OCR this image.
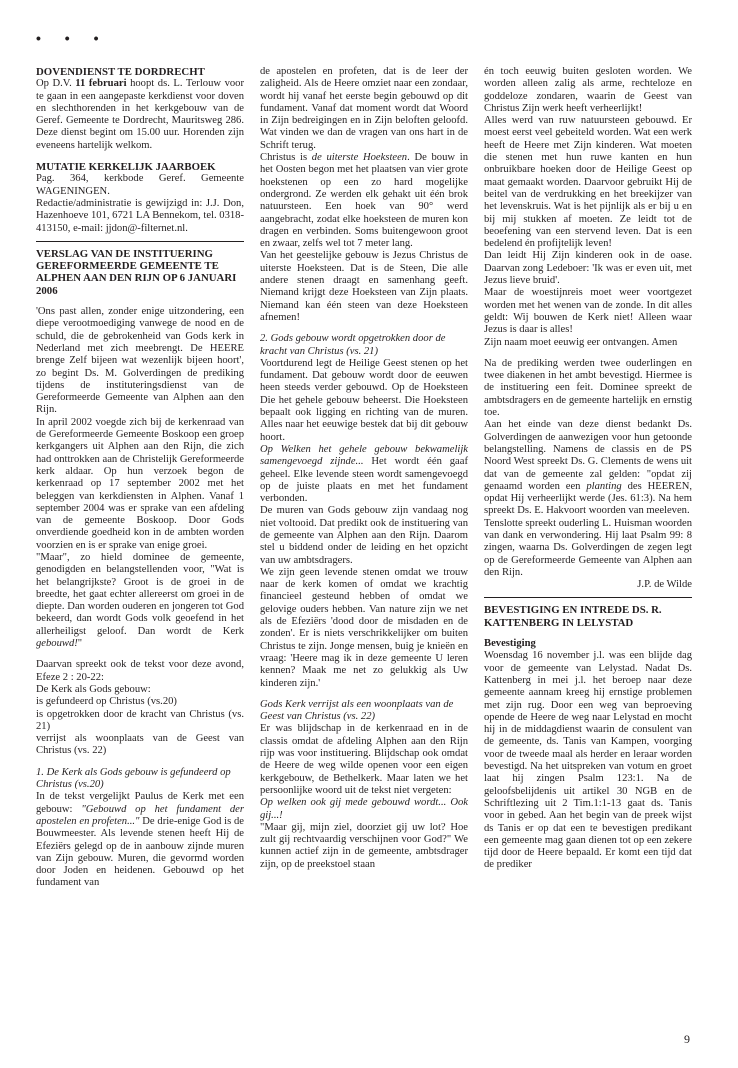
• • •

DOVENDIENST TE DORDRECHT

Op D.V. 11 februari hoopt ds. L. Terlouw voor te gaan in een aangepaste kerkdienst voor doven en slechthorenden in het kerkgebouw van de Geref. Gemeente te Dordrecht, Mauritsweg 286. Deze dienst begint om 15.00 uur. Horenden zijn eveneens hartelijk welkom.

MUTATIE KERKELIJK JAARBOEK

Pag. 364, kerkbode Geref. Gemeente WAGENINGEN.

Redactie/administratie is gewijzigd in: J.J. Don, Hazenhoeve 101, 6721 LA Bennekom, tel. 0318-413150, e-mail: jjdon@-filternet.nl.

VERSLAG VAN DE INSTITUERING GEREFORMEERDE GEMEENTE TE ALPHEN AAN DEN RIJN OP 6 JANUARI 2006

'Ons past allen, zonder enige uitzondering, een diepe verootmoediging vanwege de nood en de schuld, die de gebrokenheid van Gods kerk in Nederland met zich meebrengt. De HEERE brenge Zelf bijeen wat wezenlijk bijeen hoort', zo begint Ds. M. Golverdingen de prediking tijdens de instituteringsdienst van de Gereformeerde Gemeente van Alphen aan den Rijn.

In april 2002 voegde zich bij de kerkenraad van de Gereformeerde Gemeente Boskoop een groep kerkgangers uit Alphen aan den Rijn, die zich had onttrokken aan de Christelijk Gereformeerde kerk aldaar. Op hun verzoek begon de kerkenraad op 17 september 2002 met het beleggen van kerkdiensten in Alphen. Vanaf 1 september 2004 was er sprake van een afdeling van de gemeente Boskoop. Door Gods onverdiende goedheid kon in de ambten worden voorzien en is er sprake van enige groei.

"Maar", zo hield dominee de gemeente, genodigden en belangstellenden voor, "Wat is het belangrijkste? Groot is de groei in de breedte, het gaat echter allereerst om groei in de diepte. Dan worden ouderen en jongeren tot God bekeerd, dan wordt Gods volk geoefend in het allerheiligst geloof. Dan wordt de Kerk gebouwd!"

Daarvan spreekt ook de tekst voor deze avond, Efeze 2 : 20-22:

De Kerk als Gods gebouw:

is gefundeerd op Christus (vs.20)

is opgetrokken door de kracht van Christus (vs. 21)

verrijst als woonplaats van de Geest van Christus (vs. 22)

1. De Kerk als Gods gebouw is gefundeerd op Christus (vs.20)

In de tekst vergelijkt Paulus de Kerk met een gebouw: "Gebouwd op het fundament der apostelen en profeten..." De drie-enige God is de Bouwmeester. Als levende stenen heeft Hij de Efeziërs gelegd op de in aanbouw zijnde muren van Zijn gebouw. Muren, die gevormd worden door Joden en heidenen. Gebouwd op het fundament van

de apostelen en profeten, dat is de leer der zaligheid. Als de Heere omziet naar een zondaar, wordt hij vanaf het eerste begin gebouwd op dit fundament. Vanaf dat moment wordt dat Woord in Zijn bedreigingen en in Zijn beloften geloofd. Wat vinden we dan de vragen van ons hart in de Schrift terug.

Christus is de uiterste Hoeksteen. De bouw in het Oosten begon met het plaatsen van vier grote hoekstenen op een zo hard mogelijke ondergrond. Ze werden elk gehakt uit één brok natuursteen. Een hoek van 90° werd aangebracht, zodat elke hoeksteen de muren kon dragen en verbinden. Soms buitengewoon groot en zwaar, zelfs wel tot 7 meter lang.

Van het geestelijke gebouw is Jezus Christus de uiterste Hoeksteen. Dat is de Steen, Die alle andere stenen draagt en samenhang geeft. Niemand krijgt deze Hoeksteen van Zijn plaats. Niemand kan één steen van deze Hoeksteen afnemen!

2. Gods gebouw wordt opgetrokken door de kracht van Christus (vs. 21)

Voortdurend legt de Heilige Geest stenen op het fundament. Dat gebouw wordt door de eeuwen heen steeds verder gebouwd. Op de Hoeksteen Die het gehele gebouw beheerst. Die Hoeksteen bepaalt ook ligging en richting van de muren. Alles naar het eeuwige bestek dat bij dit gebouw hoort.

Op Welken het gehele gebouw bekwamelijk samengevoegd zijnde... Het wordt één gaaf geheel. Elke levende steen wordt samengevoegd op de juiste plaats en met het fundament verbonden.

De muren van Gods gebouw zijn vandaag nog niet voltooid. Dat predikt ook de instituering van de gemeente van Alphen aan den Rijn. Daarom stel u biddend onder de leiding en het opzicht van uw ambtsdragers.

We zijn geen levende stenen omdat we trouw naar de kerk komen of omdat we krachtig financieel gesteund hebben of omdat we gelovige ouders hebben. Van nature zijn we net als de Efeziërs 'dood door de misdaden en de zonden'. Er is niets verschrikkelijker om buiten Christus te zijn. Jonge mensen, buig je knieën en vraag: 'Heere mag ik in deze gemeente U leren kennen? Maak me net zo gelukkig als Uw kinderen zijn.'

Gods Kerk verrijst als een woonplaats van de Geest van Christus (vs. 22)

Er was blijdschap in de kerkenraad en in de classis omdat de afdeling Alphen aan den Rijn rijp was voor instituering. Blijdschap ook omdat de Heere de weg wilde openen voor een eigen kerkgebouw, de Bethelkerk. Maar laten we het persoonlijke woord uit de tekst niet vergeten:

Op welken ook gij mede gebouwd wordt... Ook gij...!

"Maar gij, mijn ziel, doorziet gij uw lot? Hoe zult gij rechtvaardig verschijnen voor God?" We kunnen actief zijn in de gemeente, ambtsdrager zijn, op de preekstoel staan

én toch eeuwig buiten gesloten worden. We worden alleen zalig als arme, rechteloze en goddeloze zondaren, waarin de Geest van Christus Zijn werk heeft verheerlijkt!

Alles werd van ruw natuursteen gebouwd. Er moest eerst veel gebeiteld worden. Wat een werk heeft de Heere met Zijn kinderen. Wat moeten die stenen met hun ruwe kanten en hun onbruikbare hoeken door de Heilige Geest op maat gemaakt worden. Daarvoor gebruikt Hij de beitel van de verdrukking en het breekijzer van het levenskruis. Wat is het pijnlijk als er bij u en bij mij stukken af moeten. Ze leidt tot de beoefening van een stervend leven. Dat is een bedelend én profijtelijk leven!

Dan leidt Hij Zijn kinderen ook in de oase. Daarvan zong Ledeboer: 'Ik was er even uit, met Jezus lieve bruid'.

Maar de woestijnreis moet weer voortgezet worden met het wenen van de zonde. In dit alles geldt: Wij bouwen de Kerk niet! Alleen waar Jezus is daar is alles!

Zijn naam moet eeuwig eer ontvangen. Amen

Na de prediking werden twee ouderlingen en twee diakenen in het ambt bevestigd. Hiermee is de instituering een feit. Dominee spreekt de ambtsdragers en de gemeente hartelijk en ernstig toe.

Aan het einde van deze dienst bedankt Ds. Golverdingen de aanwezigen voor hun getoonde belangstelling. Namens de classis en de PS Noord West spreekt Ds. G. Clements de wens uit dat van de gemeente zal gelden: "opdat zij genaamd worden een planting des HEEREN, opdat Hij verheerlijkt werde (Jes. 61:3). Na hem spreekt Ds. E. Hakvoort woorden van meeleven.

Tenslotte spreekt ouderling L. Huisman woorden van dank en verwondering. Hij laat Psalm 99: 8 zingen, waarna Ds. Golverdingen de zegen legt op de Gereformeerde Gemeente van Alphen aan den Rijn.

J.P. de Wilde

BEVESTIGING EN INTREDE DS. R. KATTENBERG IN LELYSTAD

Bevestiging

Woensdag 16 november j.l. was een blijde dag voor de gemeente van Lelystad. Nadat Ds. Kattenberg in mei j.l. het beroep naar deze gemeente aannam kreeg hij ernstige problemen met zijn rug. Door een weg van beproeving opende de Heere de weg naar Lelystad en mocht hij in de middagdienst waarin de consulent van de gemeente, ds. Tanis van Kampen, voorging voor de tweede maal als herder en leraar worden bevestigd. Na het uitspreken van votum en groet laat hij zingen Psalm 123:1. Na de geloofsbelijdenis uit artikel 30 NGB en de Schriftlezing uit 2 Tim.1:1-13 gaat ds. Tanis voor in gebed. Aan het begin van de preek wijst ds Tanis er op dat een te bevestigen predikant een gemeente mag gaan dienen tot op een zekere tijd door de Heere bepaald. Er komt een tijd dat de prediker

9
